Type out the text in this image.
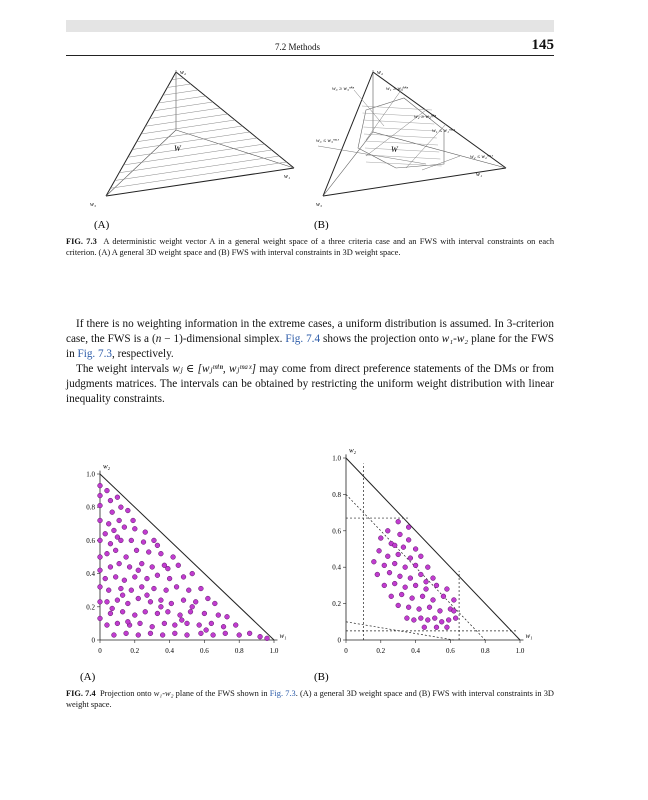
7.2 Methods	145
w₂
w₁
w₃
W
(A)
w₂
w₁
w₃
W
w₃ ≥ w₃ᵐⁱⁿ	w₁ ≥ w₁ᵐⁱⁿ
w₂ ≥ w₂ᵐⁱⁿ
w₁ ≤ w₁ᵐᵃˣ
w₃ ≤ w₃ᵐᵃˣ
w₂ ≤ w₂ᵐᵃˣ
(B)
FIG. 7.3 A deterministic weight vector A in a general weight space of a three criteria case and an FWS with interval constraints on each criterion. (A) A general 3D weight space and (B) FWS with interval constraints in 3D weight space.

If there is no weighting information in the extreme cases, a uniform distribution is assumed. In 3-criterion case, the FWS is a (n − 1)-dimensional simplex. Fig. 7.4 shows the projection onto w₁-w₂ plane for the FWS in Fig. 7.3, respectively.

The weight intervals wⱼ ∈ [wⱼᵐⁱⁿ, wⱼᵐᵃˣ] may come from direct preference statements of the DMs or from judgments matrices. The intervals can be obtained by restricting the uniform weight distribution with linear inequality constraints.

0	0.2	0.4	0.6	0.8	1.0
0
0.2
0.4
0.6
0.8
1.0
w₁
w₂
(A)
0	0.2	0.4	0.6	0.8	1.0
0
0.2
0.4
0.6
0.8
1.0
w₁
w₂
(B)
FIG. 7.4 Projection onto w₁-w₂ plane of the FWS shown in Fig. 7.3. (A) a general 3D weight space and (B) FWS with interval constraints in 3D weight space.
